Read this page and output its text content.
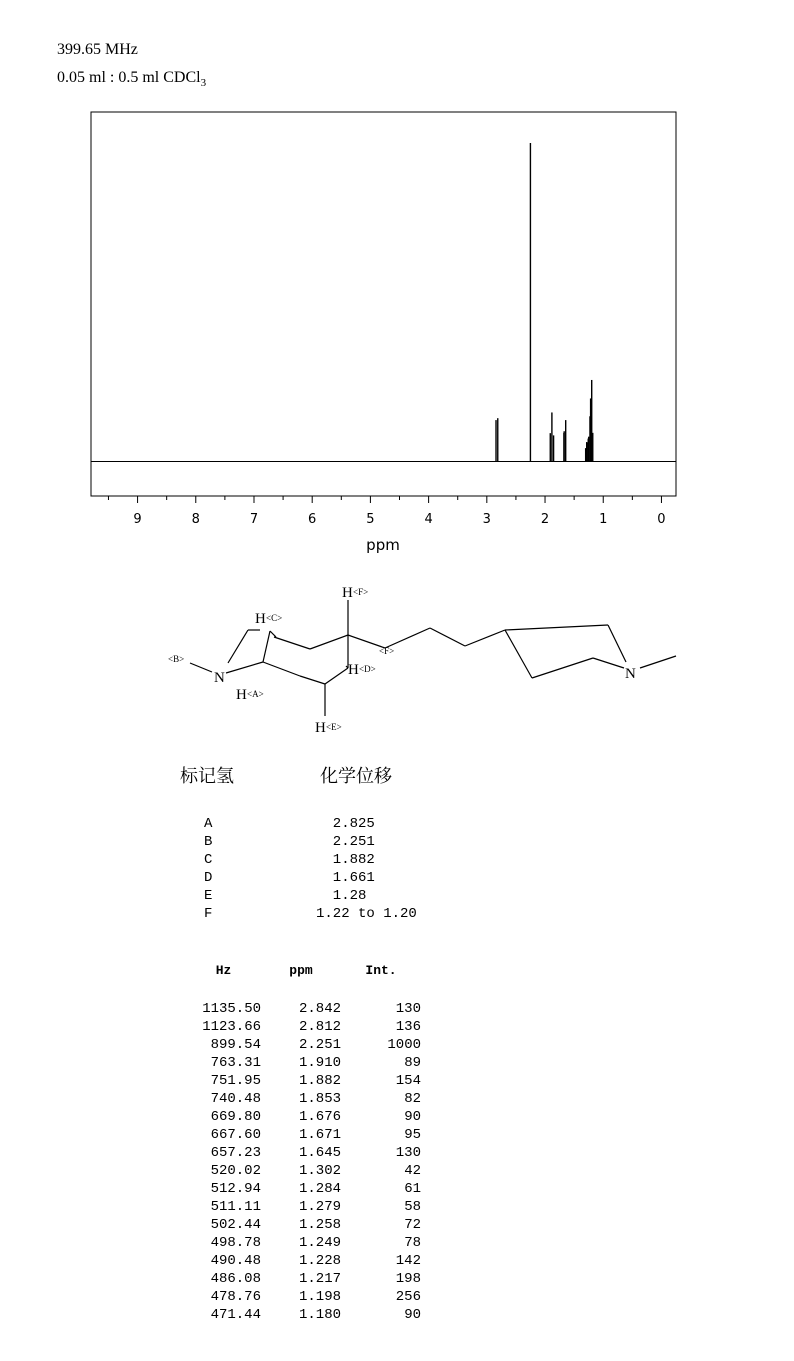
399.65 MHz
0.05 ml : 0.5 ml CDCl$_3$
9	8	7	6	5	4	3	2	1	0
ppm
H <F>
H <C>
<B>
N	H <D>
<F>
H <A>
H <E>
N
标记氢	化学位移
A	2.825
B	2.251
C	1.882
D	1.661
E	1.28
F	1.22 to 1.20
Hz	ppm	Int.

1135.50	2.842	130
1123.66	2.812	136
899.54	2.251	1000
763.31	1.910	89
751.95	1.882	154
740.48	1.853	82
669.80	1.676	90
667.60	1.671	95
657.23	1.645	130
520.02	1.302	42
512.94	1.284	61
511.11	1.279	58
502.44	1.258	72
498.78	1.249	78
490.48	1.228	142
486.08	1.217	198
478.76	1.198	256
471.44	1.180	90
